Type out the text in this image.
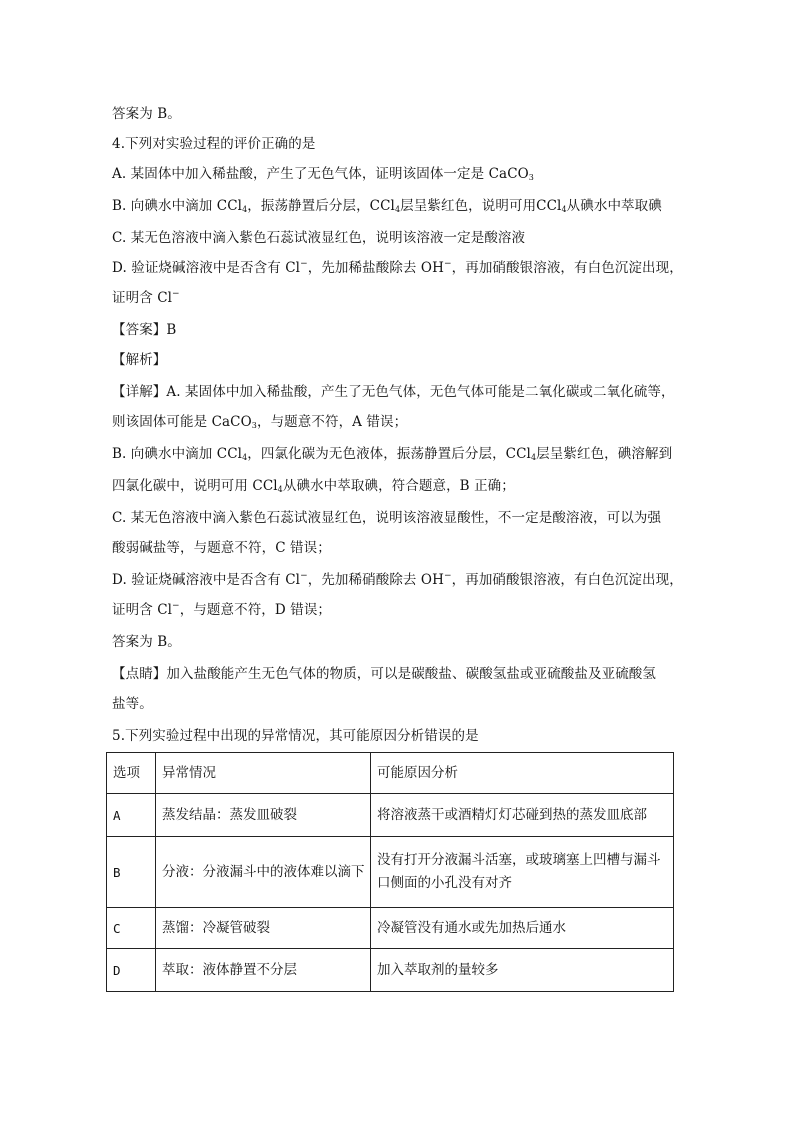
答案为 B。
4.下列对实验过程的评价正确的是
A. 某固体中加入稀盐酸，产生了无色气体，证明该固体一定是 CaCO$_3$
B. 向碘水中滴加 CCl$_4$，振荡静置后分层，CCl$_4$层呈紫红色，说明可用CCl$_4$从碘水中萃取碘
C. 某无色溶液中滴入紫色石蕊试液显红色，说明该溶液一定是酸溶液
D. 验证烧碱溶液中是否含有 Cl−，先加稀盐酸除去 OH−，再加硝酸银溶液，有白色沉淀出现，
证明含 Cl−
【答案】B
【解析】
【详解】A. 某固体中加入稀盐酸，产生了无色气体，无色气体可能是二氧化碳或二氧化硫等，
则该固体可能是 CaCO$_3$，与题意不符，A 错误；
B. 向碘水中滴加 CCl$_4$，四氯化碳为无色液体，振荡静置后分层，CCl$_4$层呈紫红色，碘溶解到
四氯化碳中，说明可用 CCl$_4$从碘水中萃取碘，符合题意，B 正确；
C. 某无色溶液中滴入紫色石蕊试液显红色，说明该溶液显酸性，不一定是酸溶液，可以为强
酸弱碱盐等，与题意不符，C 错误；
D. 验证烧碱溶液中是否含有 Cl−，先加稀硝酸除去 OH−，再加硝酸银溶液，有白色沉淀出现，
证明含 Cl−，与题意不符，D 错误；
答案为 B。
【点睛】加入盐酸能产生无色气体的物质，可以是碳酸盐、碳酸氢盐或亚硫酸盐及亚硫酸氢
盐等。
5.下列实验过程中出现的异常情况，其可能原因分析错误的是
选项	异常情况	可能原因分析
A	蒸发结晶：蒸发皿破裂	将溶液蒸干或酒精灯灯芯碰到热的蒸发皿底部
B	分液：分液漏斗中的液体难以滴下	没有打开分液漏斗活塞，或玻璃塞上凹槽与漏斗口侧面的小孔没有对齐
C	蒸馏：冷凝管破裂	冷凝管没有通水或先加热后通水
D	萃取：液体静置不分层	加入萃取剂的量较多
